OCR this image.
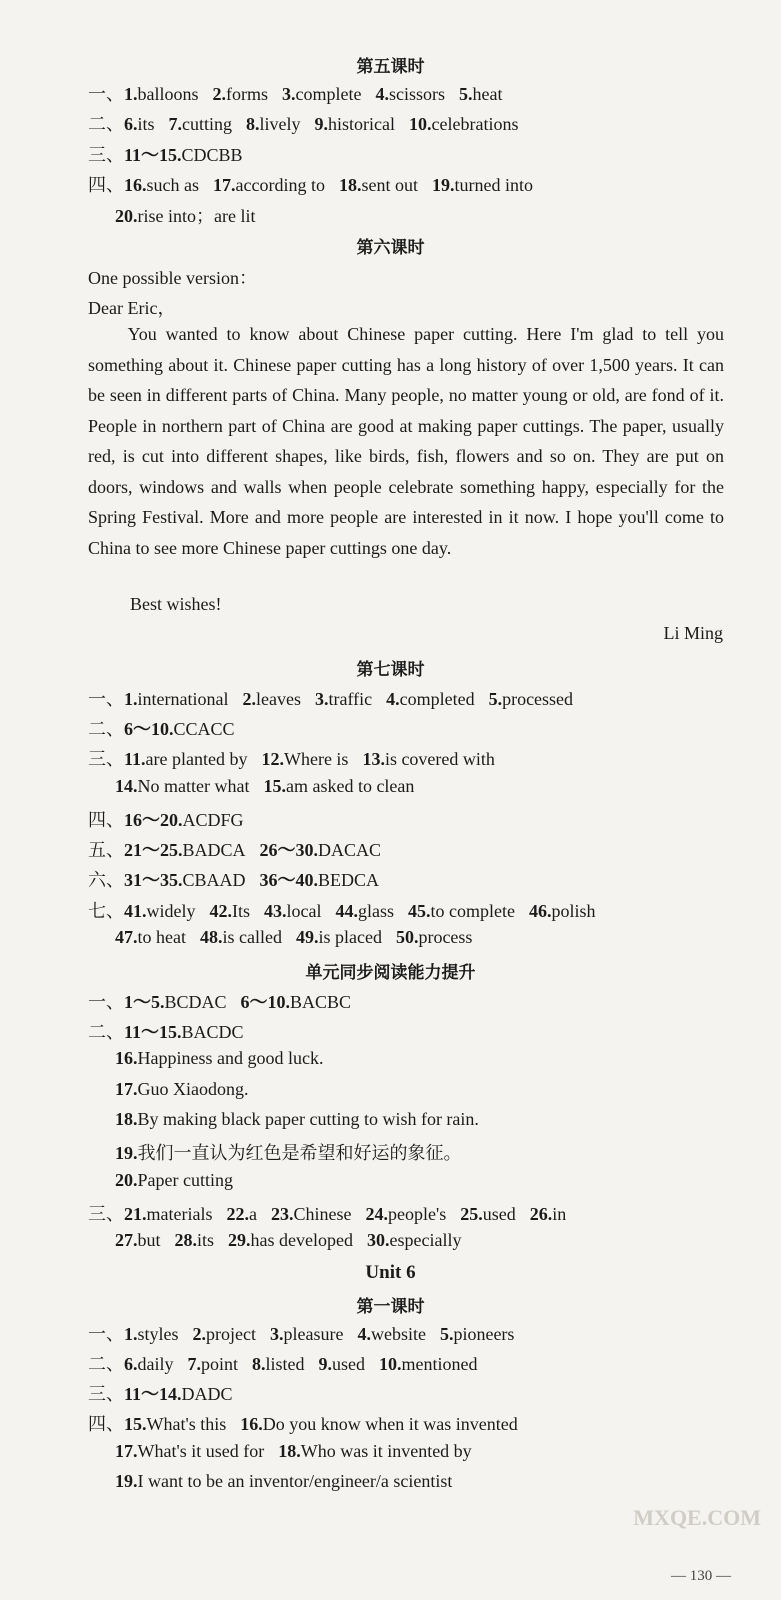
第五课时
一、1.balloons 2.forms 3.complete 4.scissors 5.heat
二、6.its 7.cutting 8.lively 9.historical 10.celebrations
三、11～15.CDCBB
四、16.such as 17.according to 18.sent out 19.turned into
20.rise into；are lit
第六课时
One possible version：
Dear Eric，
You wanted to know about Chinese paper cutting. Here I'm glad to tell you something about it. Chinese paper cutting has a long history of over 1,500 years. It can be seen in different parts of China. Many people, no matter young or old, are fond of it. People in northern part of China are good at making paper cuttings. The paper, usually red, is cut into different shapes, like birds, fish, flowers and so on. They are put on doors, windows and walls when people celebrate something happy, especially for the Spring Festival. More and more people are interested in it now. I hope you'll come to China to see more Chinese paper cuttings one day.
Best wishes!
Li Ming
第七课时
一、1.international 2.leaves 3.traffic 4.completed 5.processed
二、6～10.CCACC
三、11.are planted by 12.Where is 13.is covered with
14.No matter what 15.am asked to clean
四、16～20.ACDFG
五、21～25.BADCA 26～30.DACAC
六、31～35.CBAAD 36～40.BEDCA
七、41.widely 42.Its 43.local 44.glass 45.to complete 46.polish
47.to heat 48.is called 49.is placed 50.process
单元同步阅读能力提升
一、1～5.BCDAC 6～10.BACBC
二、11～15.BACDC
16.Happiness and good luck.
17.Guo Xiaodong.
18.By making black paper cutting to wish for rain.
19.我们一直认为红色是希望和好运的象征。
20.Paper cutting
三、21.materials 22.a 23.Chinese 24.people's 25.used 26.in
27.but 28.its 29.has developed 30.especially
Unit 6
第一课时
一、1.styles 2.project 3.pleasure 4.website 5.pioneers
二、6.daily 7.point 8.listed 9.used 10.mentioned
三、11～14.DADC
四、15.What's this 16.Do you know when it was invented
17.What's it used for 18.Who was it invented by
19.I want to be an inventor/engineer/a scientist
MXQE.COM
— 130 —
